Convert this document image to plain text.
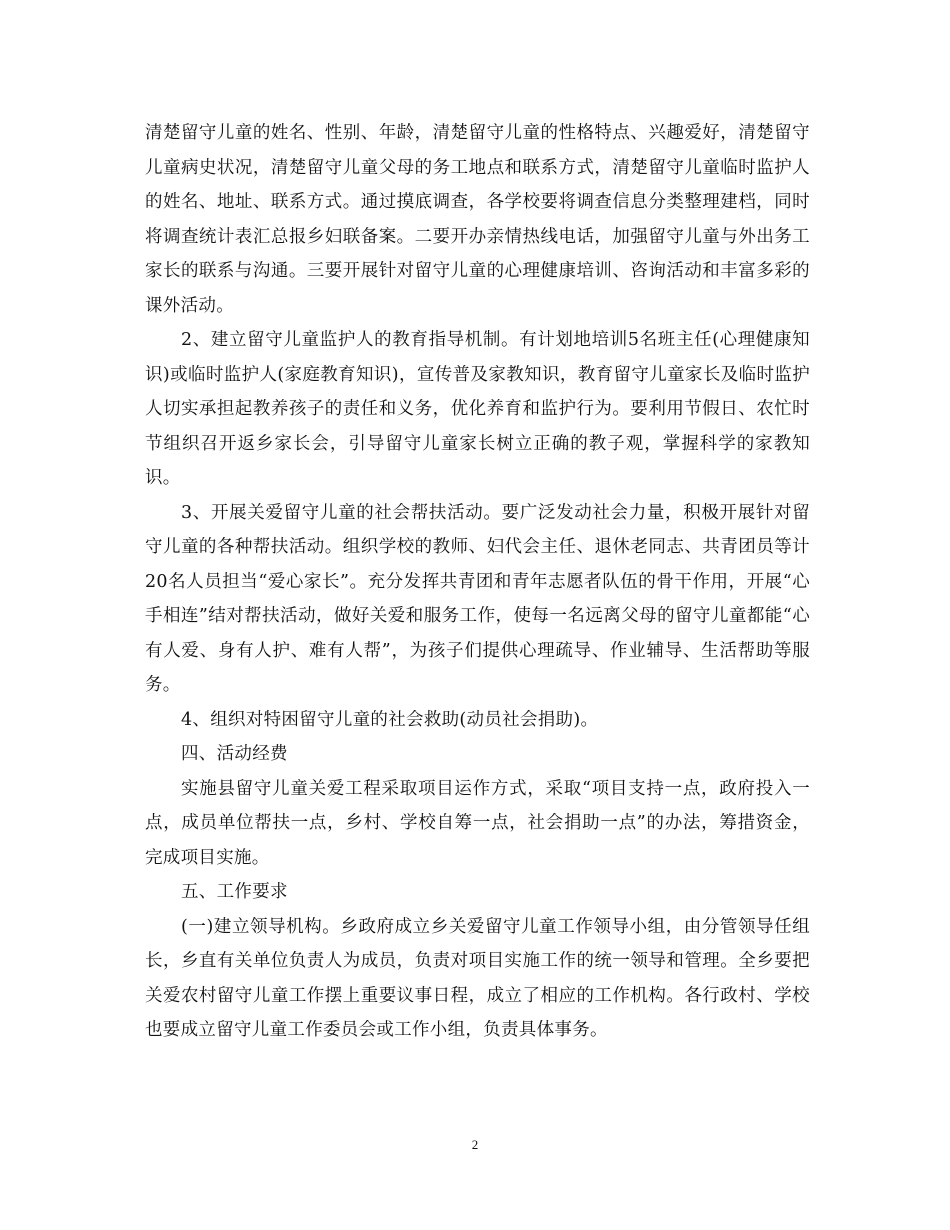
清楚留守儿童的姓名、性别、年龄，清楚留守儿童的性格特点、兴趣爱好，清楚留守儿童病史状况，清楚留守儿童父母的务工地点和联系方式，清楚留守儿童临时监护人的姓名、地址、联系方式。通过摸底调查，各学校要将调查信息分类整理建档，同时将调查统计表汇总报乡妇联备案。二要开办亲情热线电话，加强留守儿童与外出务工家长的联系与沟通。三要开展针对留守儿童的心理健康培训、咨询活动和丰富多彩的课外活动。

2、建立留守儿童监护人的教育指导机制。有计划地培训5名班主任(心理健康知识)或临时监护人(家庭教育知识)，宣传普及家教知识，教育留守儿童家长及临时监护人切实承担起教养孩子的责任和义务，优化养育和监护行为。要利用节假日、农忙时节组织召开返乡家长会，引导留守儿童家长树立正确的教子观，掌握科学的家教知识。

3、开展关爱留守儿童的社会帮扶活动。要广泛发动社会力量，积极开展针对留守儿童的各种帮扶活动。组织学校的教师、妇代会主任、退休老同志、共青团员等计20名人员担当“爱心家长”。充分发挥共青团和青年志愿者队伍的骨干作用，开展“心手相连”结对帮扶活动，做好关爱和服务工作，使每一名远离父母的留守儿童都能“心有人爱、身有人护、难有人帮”，为孩子们提供心理疏导、作业辅导、生活帮助等服务。

4、组织对特困留守儿童的社会救助(动员社会捐助)。

四、活动经费

实施县留守儿童关爱工程采取项目运作方式，采取“项目支持一点，政府投入一点，成员单位帮扶一点，乡村、学校自筹一点，社会捐助一点”的办法，筹措资金，完成项目实施。

五、工作要求

(一)建立领导机构。乡政府成立乡关爱留守儿童工作领导小组，由分管领导任组长，乡直有关单位负责人为成员，负责对项目实施工作的统一领导和管理。全乡要把关爱农村留守儿童工作摆上重要议事日程，成立了相应的工作机构。各行政村、学校也要成立留守儿童工作委员会或工作小组，负责具体事务。

2
